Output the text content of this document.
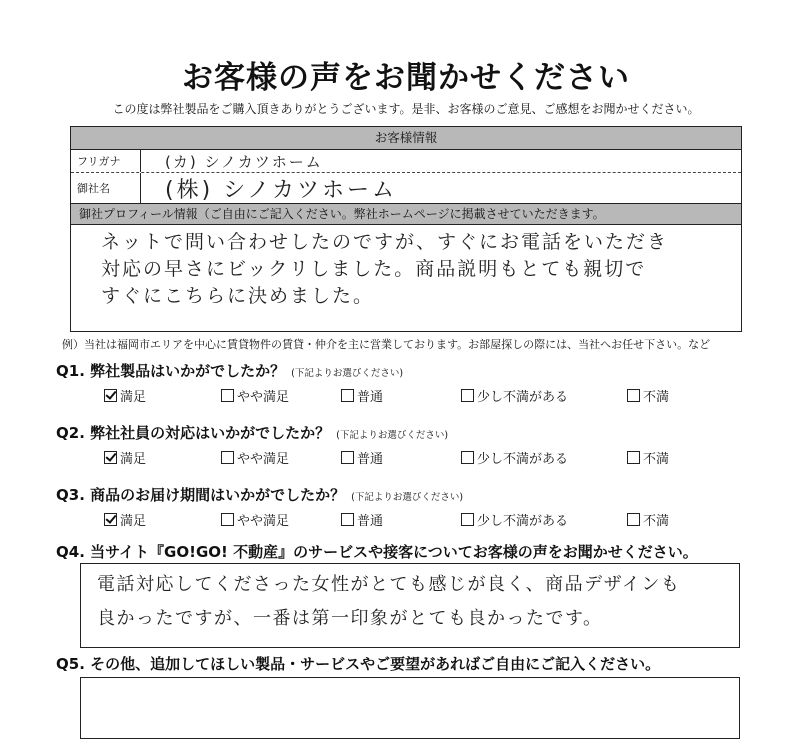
お客様の声をお聞かせください
この度は弊社製品をご購入頂きありがとうございます。是非、お客様のご意見、ご感想をお聞かせください。
お客様情報
フリガナ	(カ) シノカツホーム
御社名	(株) シノカツホーム
御社プロフィール情報（ご自由にご記入ください。弊社ホームページに掲載させていただきます。
ネットで問い合わせしたのですが、すぐにお電話をいただき
対応の早さにビックリしました。商品説明もとても親切で
すぐにこちらに決めました。
例）当社は福岡市エリアを中心に賃貸物件の賃貸・仲介を主に営業しております。お部屋探しの際には、当社へお任せ下さい。など
Q1. 弊社製品はいかがでしたか？ (下記よりお選びください)
満足	やや満足	普通	少し不満がある	不満
Q2. 弊社社員の対応はいかがでしたか？ (下記よりお選びください)
満足	やや満足	普通	少し不満がある	不満
Q3. 商品のお届け期間はいかがでしたか？ (下記よりお選びください)
満足	やや満足	普通	少し不満がある	不満
Q4. 当サイト『GO!GO! 不動産』のサービスや接客についてお客様の声をお聞かせください。
電話対応してくださった女性がとても感じが良く、商品デザインも
良かったですが、一番は第一印象がとても良かったです。
Q5. その他、追加してほしい製品・サービスやご要望があればご自由にご記入ください。
